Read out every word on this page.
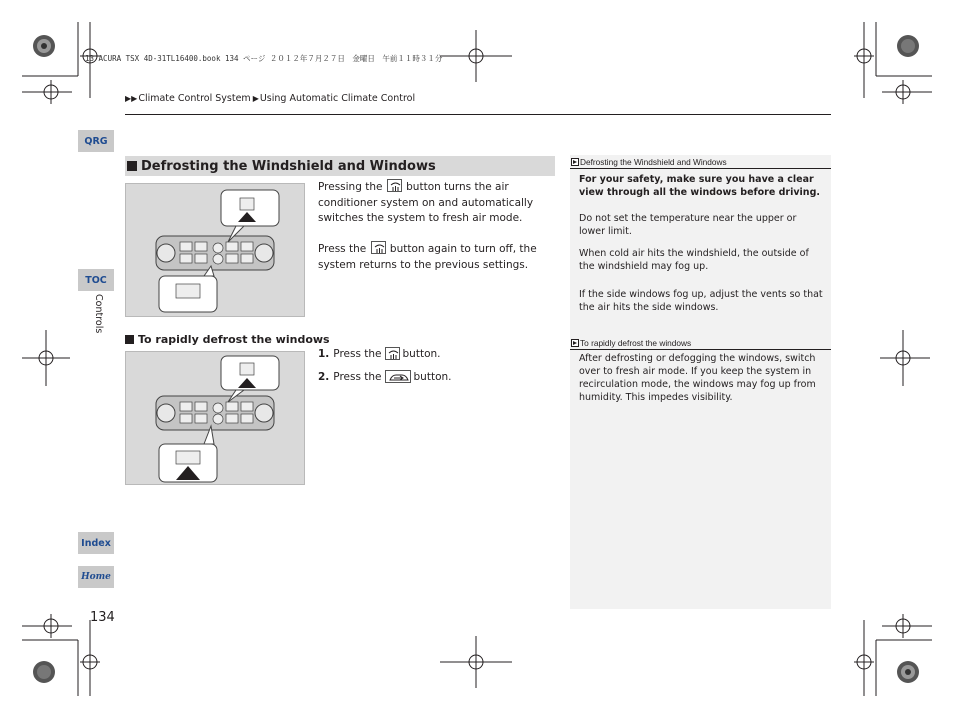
13 ACURA TSX 4D-31TL16400.book 134 ページ ２０１２年７月２７日　金曜日　午前１１時３１分
▶▶ Climate Control System ▶ Using Automatic Climate Control
QRG
TOC
Controls
Index
Home
134
Defrosting the Windshield and Windows
Pressing the button turns the air
conditioner system on and automatically
switches the system to fresh air mode.
Press the button again to turn off, the
system returns to the previous settings.
To rapidly defrost the windows
1. Press the button.
2. Press the	button.
Defrosting the Windshield and Windows
For your safety, make sure you have a clear view through all the windows before driving.
Do not set the temperature near the upper or lower limit.
When cold air hits the windshield, the outside of the windshield may fog up.
If the side windows fog up, adjust the vents so that the air hits the side windows.
To rapidly defrost the windows
After defrosting or defogging the windows, switch over to fresh air mode. If you keep the system in recirculation mode, the windows may fog up from humidity. This impedes visibility.
